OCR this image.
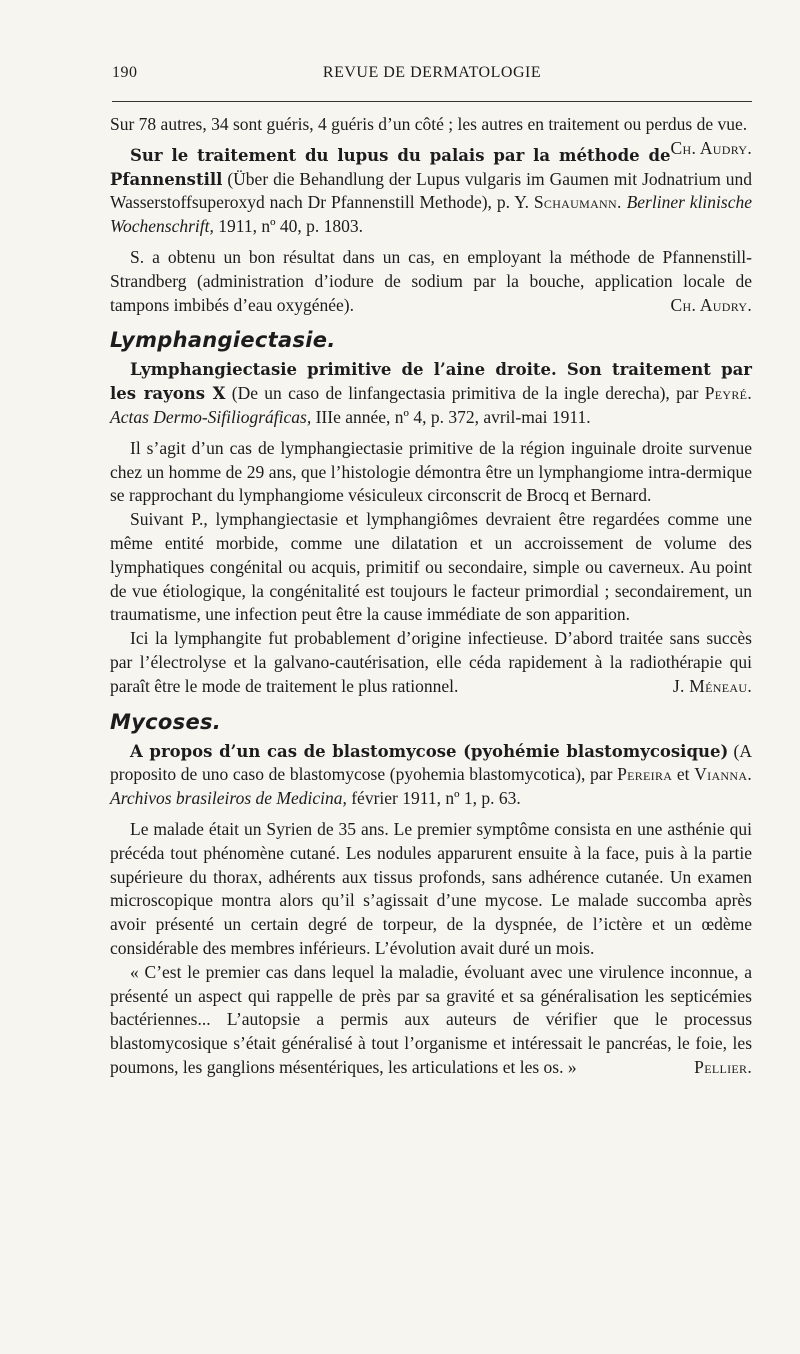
190	REVUE DE DERMATOLOGIE

Sur 78 autres, 34 sont guéris, 4 guéris d’un côté ; les autres en traitement ou perdus de vue.
Ch. Audry.

Sur le traitement du lupus du palais par la méthode de Pfannenstill (Über die Behandlung der Lupus vulgaris im Gaumen mit Jodnatrium und Wasserstoffsuperoxyd nach Dr Pfannenstill Methode), p. Y. Schaumann. Berliner klinische Wochenschrift, 1911, nº 40, p. 1803.

S. a obtenu un bon résultat dans un cas, en employant la méthode de Pfannenstill-Strandberg (administration d’iodure de sodium par la bouche, application locale de tampons imbibés d’eau oxygénée).	Ch. Audry.

Lymphangiectasie.

Lymphangiectasie primitive de l’aine droite. Son traitement par les rayons X (De un caso de linfangectasia primitiva de la ingle derecha), par Peyré. Actas Dermo-Sifiliográficas, IIIe année, nº 4, p. 372, avril-mai 1911.

Il s’agit d’un cas de lymphangiectasie primitive de la région inguinale droite survenue chez un homme de 29 ans, que l’histologie démontra être un lymphangiome intra-dermique se rapprochant du lymphangiome vésiculeux circonscrit de Brocq et Bernard.

Suivant P., lymphangiectasie et lymphangiômes devraient être regardées comme une même entité morbide, comme une dilatation et un accroissement de volume des lymphatiques congénital ou acquis, primitif ou secondaire, simple ou caverneux. Au point de vue étiologique, la congénitalité est toujours le facteur primordial ; secondairement, un traumatisme, une infection peut être la cause immédiate de son apparition.

Ici la lymphangite fut probablement d’origine infectieuse. D’abord traitée sans succès par l’électrolyse et la galvano-cautérisation, elle céda rapidement à la radiothérapie qui paraît être le mode de traitement le plus rationnel.	J. Méneau.

Mycoses.

A propos d’un cas de blastomycose (pyohémie blastomycosique) (A proposito de uno caso de blastomycose (pyohemia blastomycotica), par Pereira et Vianna. Archivos brasileiros de Medicina, février 1911, nº 1, p. 63.

Le malade était un Syrien de 35 ans. Le premier symptôme consista en une asthénie qui précéda tout phénomène cutané. Les nodules apparurent ensuite à la face, puis à la partie supérieure du thorax, adhérents aux tissus profonds, sans adhérence cutanée. Un examen microscopique montra alors qu’il s’agissait d’une mycose. Le malade succomba après avoir présenté un certain degré de torpeur, de la dyspnée, de l’ictère et un œdème considérable des membres inférieurs. L’évolution avait duré un mois.

« C’est le premier cas dans lequel la maladie, évoluant avec une virulence inconnue, a présenté un aspect qui rappelle de près par sa gravité et sa généralisation les septicémies bactériennes... L’autopsie a permis aux auteurs de vérifier que le processus blastomycosique s’était généralisé à tout l’organisme et intéressait le pancréas, le foie, les poumons, les ganglions mésentériques, les articulations et les os. »	Pellier.
